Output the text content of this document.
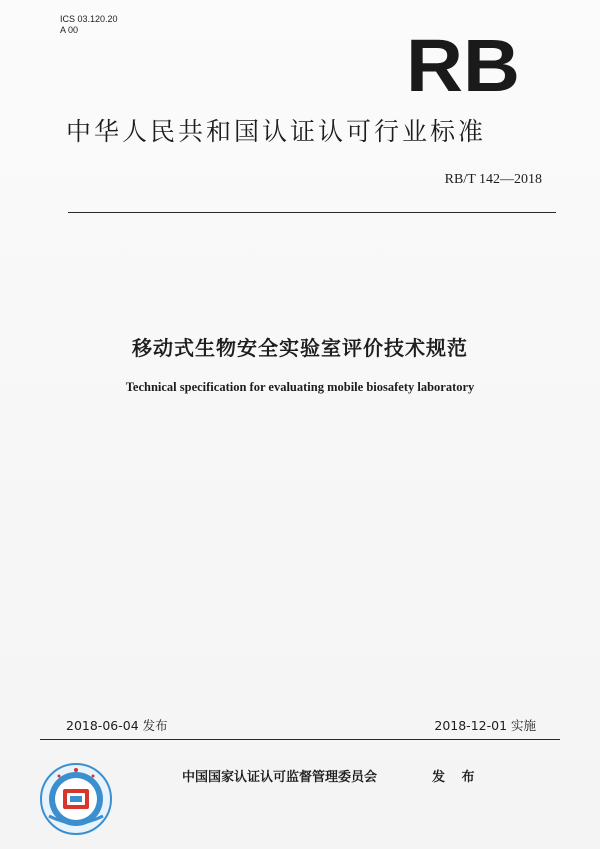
ICS 03.120.20
A 00	RB
中华人民共和国认证认可行业标准
RB/T 142—2018
移动式生物安全实验室评价技术规范
Technical specification for evaluating mobile biosafety laboratory
2018-06-04 发布	2018-12-01 实施
中国国家认证认可监督管理委员会	发 布
